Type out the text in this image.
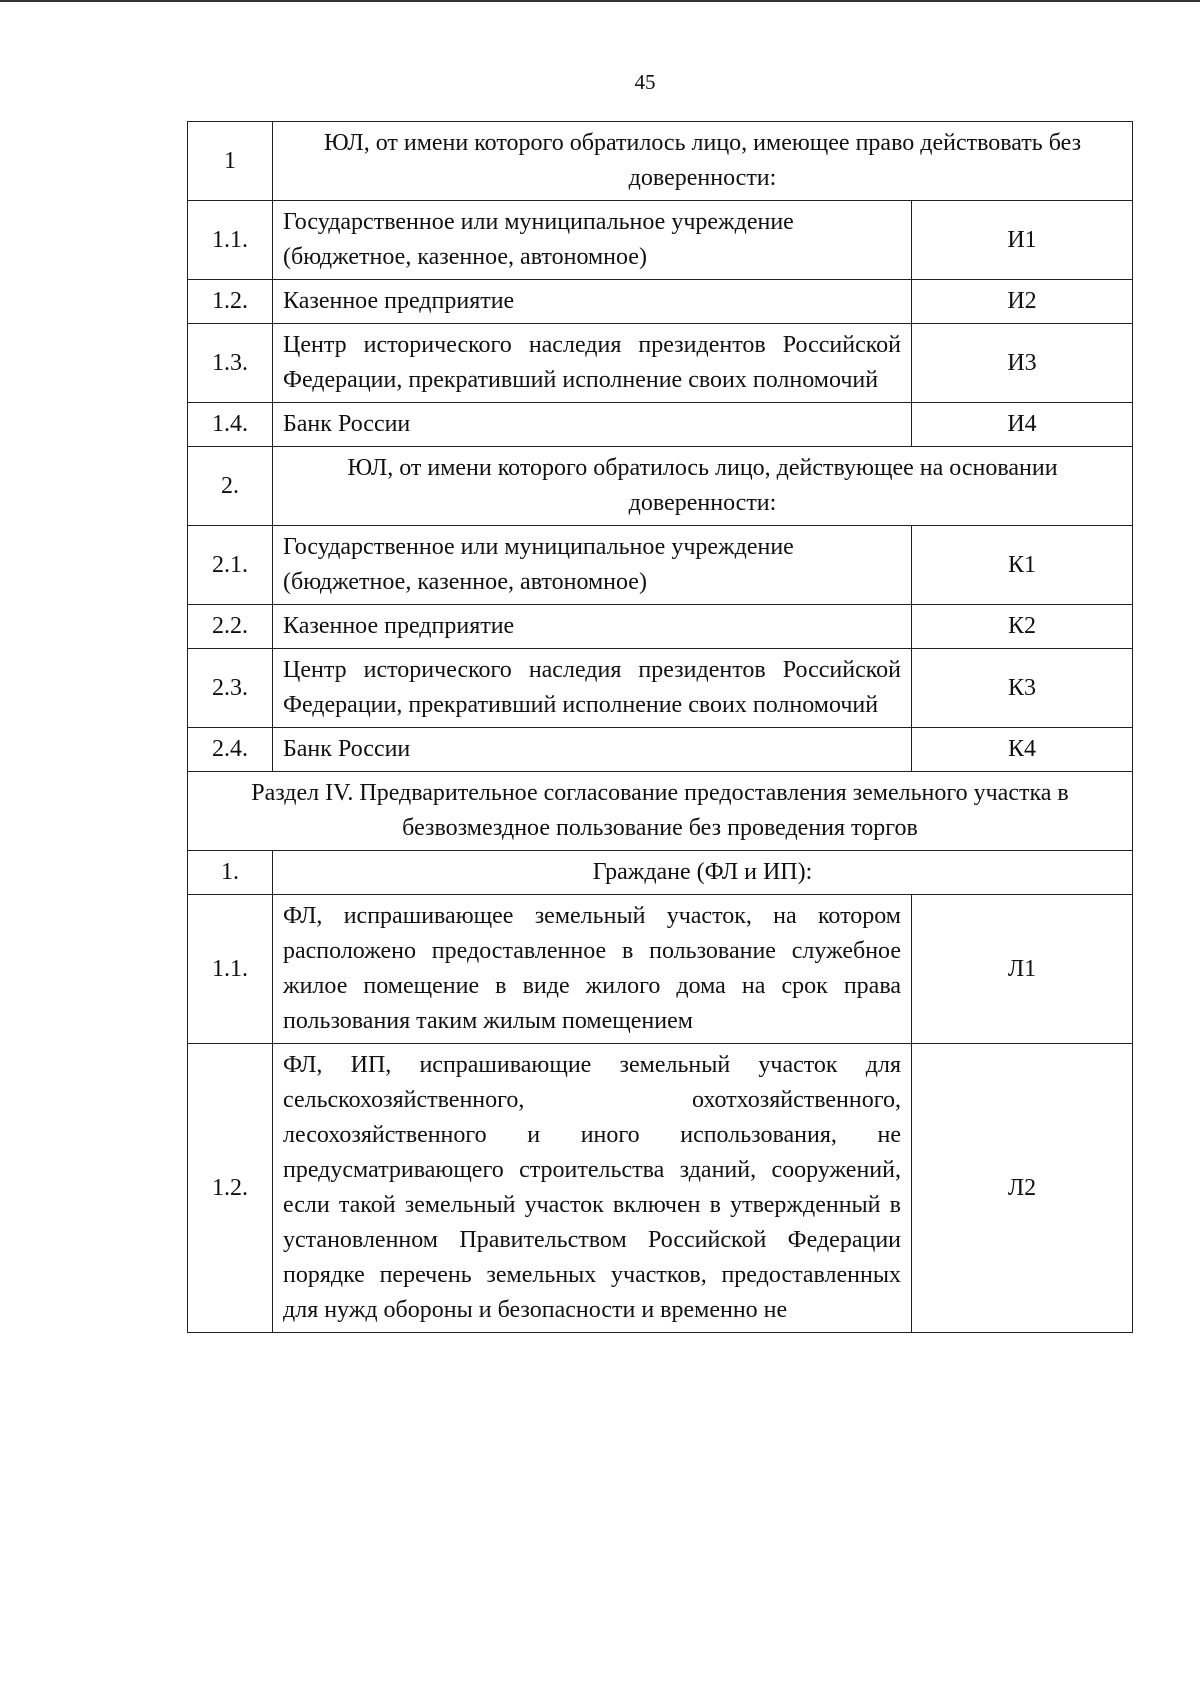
45
1	ЮЛ, от имени которого обратилось лицо, имеющее право действовать без доверенности:	
1.1.	Государственное или муниципальное учреждение (бюджетное, казенное, автономное)	И1
1.2.	Казенное предприятие	И2
1.3.	Центр исторического наследия президентов Российской Федерации, прекративший исполнение своих полномочий	И3
1.4.	Банк России	И4
2.	ЮЛ, от имени которого обратилось лицо, действующее на основании доверенности:	
2.1.	Государственное или муниципальное учреждение (бюджетное, казенное, автономное)	К1
2.2.	Казенное предприятие	К2
2.3.	Центр исторического наследия президентов Российской Федерации, прекративший исполнение своих полномочий	К3
2.4.	Банк России	К4
Раздел IV. Предварительное согласование предоставления земельного участка в безвозмездное пользование без проведения торгов		
1.	Граждане (ФЛ и ИП):	
1.1.	ФЛ, испрашивающее земельный участок, на котором расположено предоставленное в пользование служебное жилое помещение в виде жилого дома на срок права пользования таким жилым помещением	Л1
1.2.	ФЛ, ИП, испрашивающие земельный участок для сельскохозяйственного, охотхозяйственного, лесохозяйственного и иного использования, не предусматривающего строительства зданий, сооружений, если такой земельный участок включен в утвержденный в установленном Правительством Российской Федерации порядке перечень земельных участков, предоставленных для нужд обороны и безопасности и временно не	Л2
